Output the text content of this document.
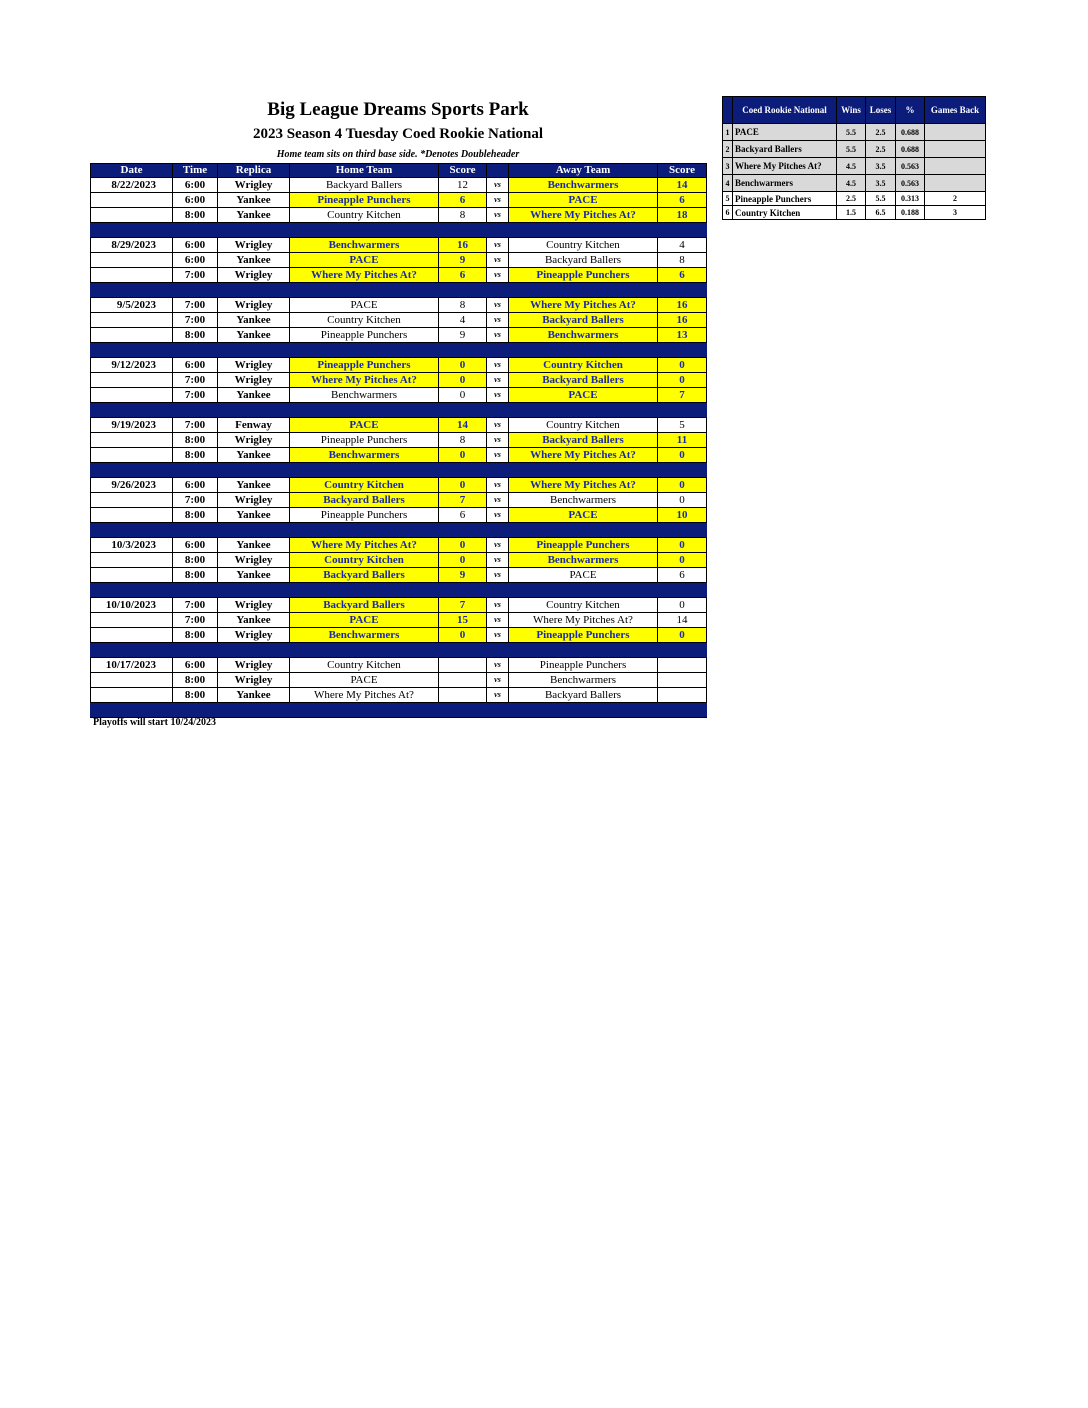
Big League Dreams Sports Park
2023 Season 4 Tuesday Coed Rookie National
Home team sits on third base side. *Denotes Doubleheader
Date	Time	Replica	Home Team	Score		Away Team	Score
8/22/2023	6:00	Wrigley	Backyard Ballers	12	vs	Benchwarmers	14
	6:00	Yankee	Pineapple Punchers	6	vs	PACE	6
	8:00	Yankee	Country Kitchen	8	vs	Where My Pitches At?	18

8/29/2023	6:00	Wrigley	Benchwarmers	16	vs	Country Kitchen	4
	6:00	Yankee	PACE	9	vs	Backyard Ballers	8
	7:00	Wrigley	Where My Pitches At?	6	vs	Pineapple Punchers	6

9/5/2023	7:00	Wrigley	PACE	8	vs	Where My Pitches At?	16
	7:00	Yankee	Country Kitchen	4	vs	Backyard Ballers	16
	8:00	Yankee	Pineapple Punchers	9	vs	Benchwarmers	13

9/12/2023	6:00	Wrigley	Pineapple Punchers	0	vs	Country Kitchen	0
	7:00	Wrigley	Where My Pitches At?	0	vs	Backyard Ballers	0
	7:00	Yankee	Benchwarmers	0	vs	PACE	7

9/19/2023	7:00	Fenway	PACE	14	vs	Country Kitchen	5
	8:00	Wrigley	Pineapple Punchers	8	vs	Backyard Ballers	11
	8:00	Yankee	Benchwarmers	0	vs	Where My Pitches At?	0

9/26/2023	6:00	Yankee	Country Kitchen	0	vs	Where My Pitches At?	0
	7:00	Wrigley	Backyard Ballers	7	vs	Benchwarmers	0
	8:00	Yankee	Pineapple Punchers	6	vs	PACE	10

10/3/2023	6:00	Yankee	Where My Pitches At?	0	vs	Pineapple Punchers	0
	8:00	Wrigley	Country Kitchen	0	vs	Benchwarmers	0
	8:00	Yankee	Backyard Ballers	9	vs	PACE	6

10/10/2023	7:00	Wrigley	Backyard Ballers	7	vs	Country Kitchen	0
	7:00	Yankee	PACE	15	vs	Where My Pitches At?	14
	8:00	Wrigley	Benchwarmers	0	vs	Pineapple Punchers	0

10/17/2023	6:00	Wrigley	Country Kitchen		vs	Pineapple Punchers	
	8:00	Wrigley	PACE		vs	Benchwarmers	
	8:00	Yankee	Where My Pitches At?		vs	Backyard Ballers	

Playoffs will start 10/24/2023
	Coed Rookie National	Wins	Loses	%	Games Back
1	PACE	5.5	2.5	0.688	
2	Backyard Ballers	5.5	2.5	0.688	
3	Where My Pitches At?	4.5	3.5	0.563	
4	Benchwarmers	4.5	3.5	0.563	
5	Pineapple Punchers	2.5	5.5	0.313	2
6	Country Kitchen	1.5	6.5	0.188	3
